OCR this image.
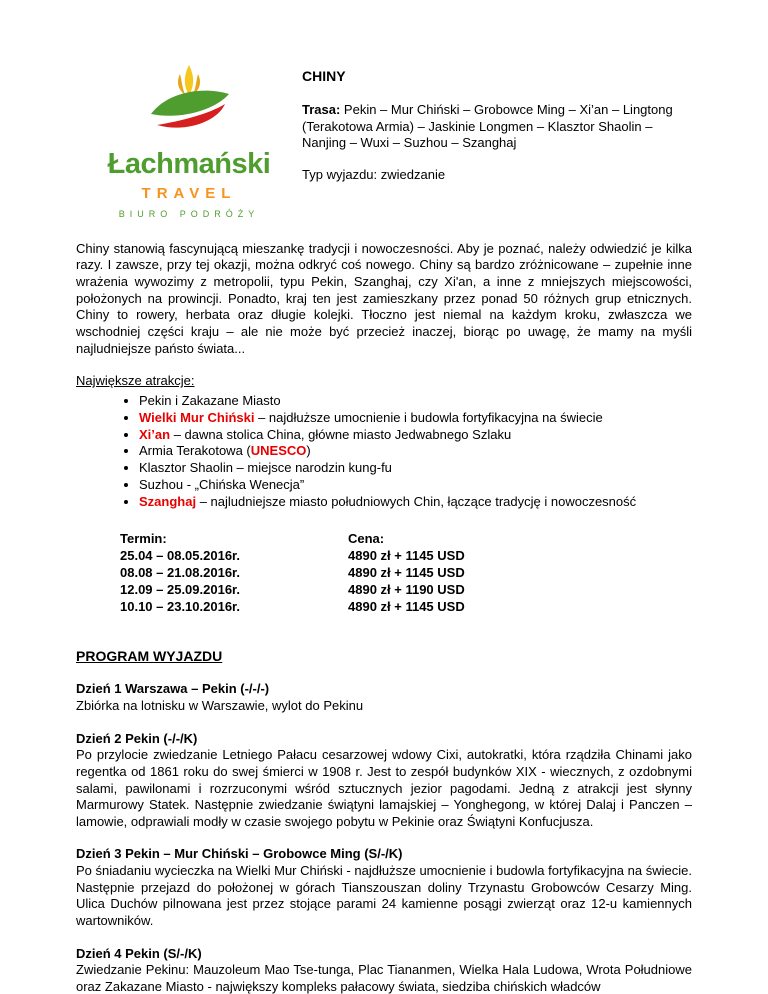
Łachmański
TRAVEL
BIURO PODRÓŻY
CHINY

Trasa: Pekin – Mur Chiński – Grobowce Ming – Xi’an – Lingtong (Terakotowa Armia) – Jaskinie Longmen – Klasztor Shaolin – Nanjing – Wuxi – Suzhou – Szanghaj

Typ wyjazdu: zwiedzanie

Chiny stanowią fascynującą mieszankę tradycji i nowoczesności. Aby je poznać, należy odwiedzić je kilka razy. I zawsze, przy tej okazji, można odkryć coś nowego. Chiny są bardzo zróżnicowane – zupełnie inne wrażenia wywozimy z metropolii, typu Pekin, Szanghaj, czy Xi'an, a inne z mniejszych miejscowości, położonych na prowincji. Ponadto, kraj ten jest zamieszkany przez ponad 50 różnych grup etnicznych. Chiny to rowery, herbata oraz długie kolejki. Tłoczno jest niemal na każdym kroku, zwłaszcza we wschodniej części kraju – ale nie może być przecież inaczej, biorąc po uwagę, że mamy na myśli najludniejsze państo świata...

Największe atrakcje:
• Pekin i Zakazane Miasto
• Wielki Mur Chiński – najdłuższe umocnienie i budowla fortyfikacyjna na świecie
• Xi’an – dawna stolica China, główne miasto Jedwabnego Szlaku
• Armia Terakotowa (UNESCO)
• Klasztor Shaolin – miejsce narodzin kung-fu
• Suzhou - „Chińska Wenecja”
• Szanghaj – najludniejsze miasto południowych Chin, łączące tradycję i nowoczesność
Termin:	Cena:
25.04 – 08.05.2016r.	4890 zł + 1145 USD
08.08 – 21.08.2016r.	4890 zł + 1145 USD
12.09 – 25.09.2016r.	4890 zł + 1190 USD
10.10 – 23.10.2016r.	4890 zł + 1145 USD
PROGRAM WYJAZDU
Dzień 1 Warszawa – Pekin (-/-/-)
Zbiórka na lotnisku w Warszawie, wylot do Pekinu
Dzień 2 Pekin (-/-/K)
Po przylocie zwiedzanie Letniego Pałacu cesarzowej wdowy Cixi, autokratki, która rządziła Chinami jako regentka od 1861 roku do swej śmierci w 1908 r. Jest to zespół budynków XIX - wiecznych, z ozdobnymi salami, pawilonami i rozrzuconymi wśród sztucznych jezior pagodami. Jedną z atrakcji jest słynny Marmurowy Statek. Następnie zwiedzanie świątyni lamajskiej – Yonghegong, w której Dalaj i Panczen – lamowie, odprawiali modły w czasie swojego pobytu w Pekinie oraz Świątyni Konfucjusza.
Dzień 3 Pekin – Mur Chiński – Grobowce Ming (S/-/K)
Po śniadaniu wycieczka na Wielki Mur Chiński - najdłuższe umocnienie i budowla fortyfikacyjna na świecie. Następnie przejazd do położonej w górach Tianszouszan doliny Trzynastu Grobowców Cesarzy Ming. Ulica Duchów pilnowana jest przez stojące parami 24 kamienne posągi zwierząt oraz 12-u kamiennych wartowników.
Dzień 4 Pekin (S/-/K)
Zwiedzanie Pekinu: Mauzoleum Mao Tse-tunga, Plac Tiananmen, Wielka Hala Ludowa, Wrota Południowe oraz Zakazane Miasto - największy kompleks pałacowy świata, siedziba chińskich władców
